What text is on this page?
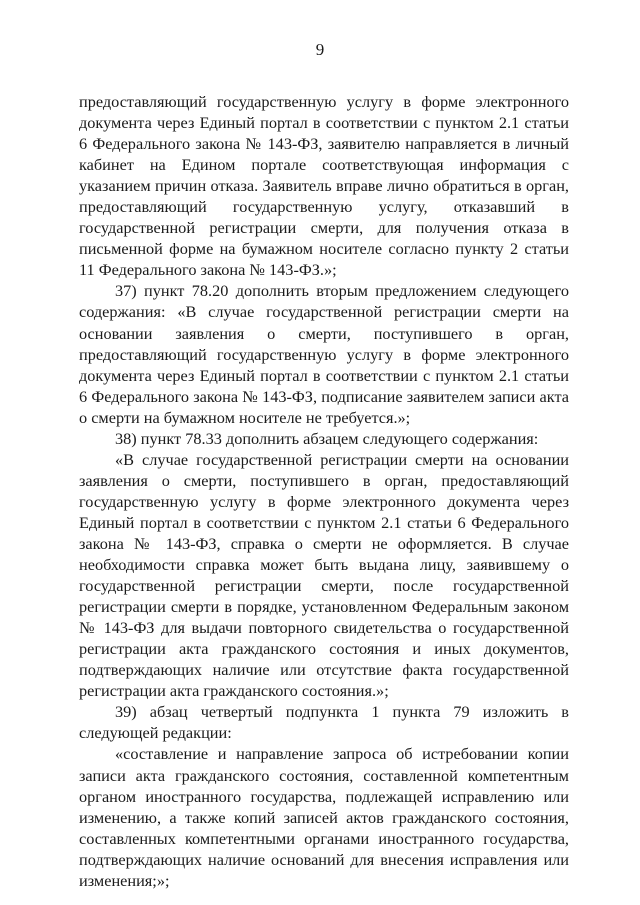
9

предоставляющий государственную услугу в форме электронного документа через Единый портал в соответствии с пунктом 2.1 статьи 6 Федерального закона № 143-ФЗ, заявителю направляется в личный кабинет на Едином портале соответствующая информация с указанием причин отказа. Заявитель вправе лично обратиться в орган, предоставляющий государственную услугу, отказавший в государственной регистрации смерти, для получения отказа в письменной форме на бумажном носителе согласно пункту 2 статьи 11 Федерального закона № 143-ФЗ.»;

37) пункт 78.20 дополнить вторым предложением следующего содержания: «В случае государственной регистрации смерти на основании заявления о смерти, поступившего в орган, предоставляющий государственную услугу в форме электронного документа через Единый портал в соответствии с пунктом 2.1 статьи 6 Федерального закона № 143-ФЗ, подписание заявителем записи акта о смерти на бумажном носителе не требуется.»;

38) пункт 78.33 дополнить абзацем следующего содержания:

«В случае государственной регистрации смерти на основании заявления о смерти, поступившего в орган, предоставляющий государственную услугу в форме электронного документа через Единый портал в соответствии с пунктом 2.1 статьи 6 Федерального закона № 143-ФЗ, справка о смерти не оформляется. В случае необходимости справка может быть выдана лицу, заявившему о государственной регистрации смерти, после государственной регистрации смерти в порядке, установленном Федеральным законом № 143-ФЗ для выдачи повторного свидетельства о государственной регистрации акта гражданского состояния и иных документов, подтверждающих наличие или отсутствие факта государственной регистрации акта гражданского состояния.»;

39) абзац четвертый подпункта 1 пункта 79 изложить в следующей редакции:

«составление и направление запроса об истребовании копии записи акта гражданского состояния, составленной компетентным органом иностранного государства, подлежащей исправлению или изменению, а также копий записей актов гражданского состояния, составленных компетентными органами иностранного государства, подтверждающих наличие оснований для внесения исправления или изменения;»;
